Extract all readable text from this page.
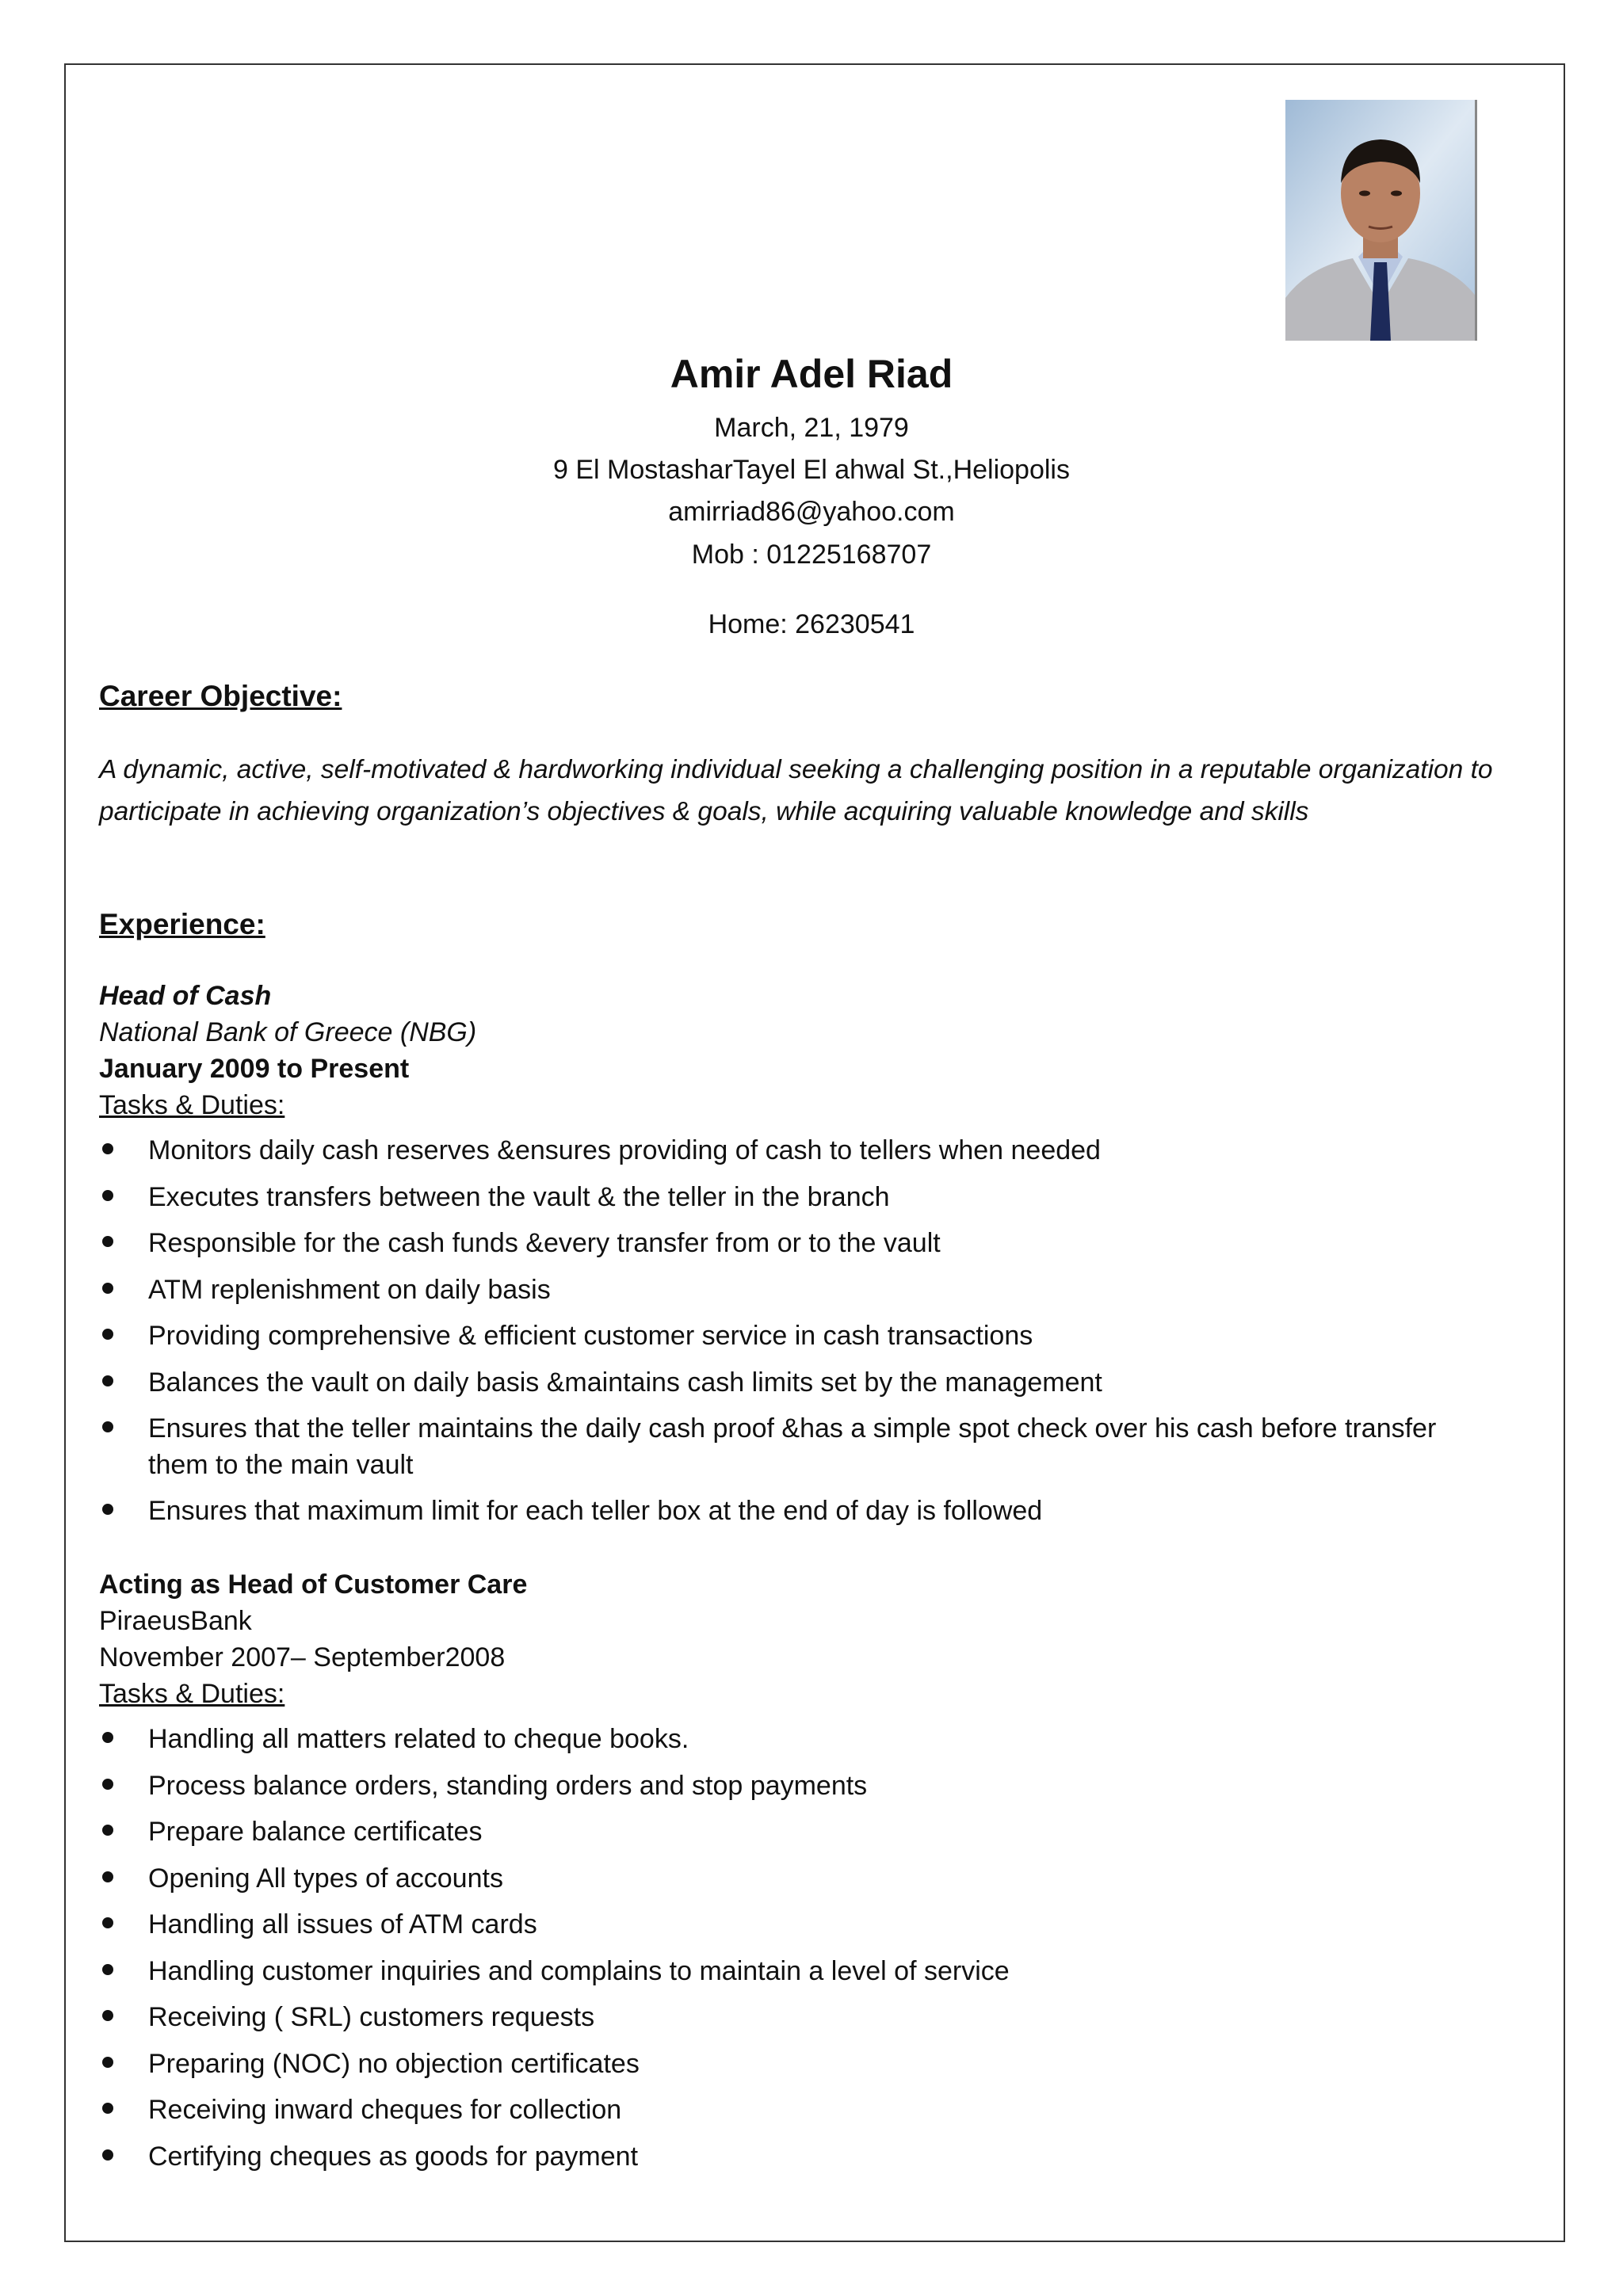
Amir Adel Riad
March, 21, 1979
9 El MostasharTayel El ahwal St.,Heliopolis
amirriad86@yahoo.com
Mob : 01225168707
Home: 26230541
Career Objective:
A dynamic, active, self-motivated & hardworking individual seeking a challenging position in a reputable organization to participate in achieving organization’s objectives & goals, while acquiring valuable knowledge and skills
Experience:
Head of Cash
National Bank of Greece (NBG)
January 2009 to Present
Tasks & Duties:
Monitors daily cash reserves &ensures providing of cash to tellers when needed
Executes transfers between the vault & the teller in the branch
Responsible for the cash funds &every transfer from or to the vault
ATM replenishment on daily basis
Providing comprehensive & efficient customer service in cash transactions
Balances the vault on daily basis &maintains cash limits set by the management
Ensures that the teller maintains the daily cash proof &has a simple spot check over his cash before transfer them to the main vault
Ensures that maximum limit for each teller box at the end of day is followed
Acting as Head of Customer Care
PiraeusBank
November 2007– September2008
Tasks & Duties:
Handling all matters related to cheque books.
Process balance orders, standing orders and stop payments
Prepare balance certificates
Opening All types of accounts
Handling all issues of ATM cards
Handling customer inquiries and complains to maintain a level of service
Receiving ( SRL) customers requests
Preparing (NOC) no objection certificates
Receiving inward cheques for collection
Certifying cheques as goods for payment
